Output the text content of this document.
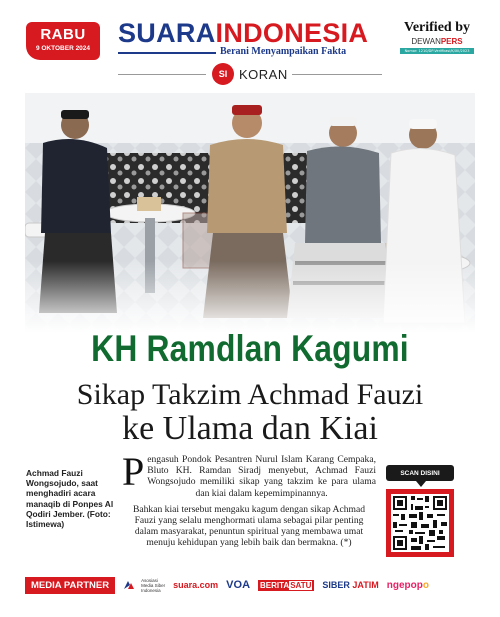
RABU
9 OKTOBER 2024
SUARAINDONESIA
Berani Menyampaikan Fakta
SI KORAN
Verified by
DEWANPERS
Nomor: 1210/DP-Verifikasi/K/XII/2023
KH Ramdlan Kagumi
Sikap Takzim Achmad Fauzi
ke Ulama dan Kiai
Achmad Fauzi Wongsojudo, saat menghadiri acara manaqib di Ponpes Al Qodiri Jember. (Foto: Istimewa)

Pengasuh Pondok Pesantren Nurul Islam Karang Cempaka, Bluto KH. Ramdan Siradj menyebut, Achmad Fauzi Wongsojudo memiliki sikap yang takzim ke para ulama dan kiai dalam kepemimpinannya.

Bahkan kiai tersebut mengaku kagum dengan sikap Achmad Fauzi yang selalu menghormati ulama sebagai pilar penting dalam masyarakat, penuntun spiritual yang membawa umat menuju kehidupan yang lebih baik dan bermakna. (*)

SCAN DISINI
MEDIA PARTNER	Asosiasi
Media Siber
Indonesia	suara.com VOA BERITASATU	SIBER
JATIM ngepop o
